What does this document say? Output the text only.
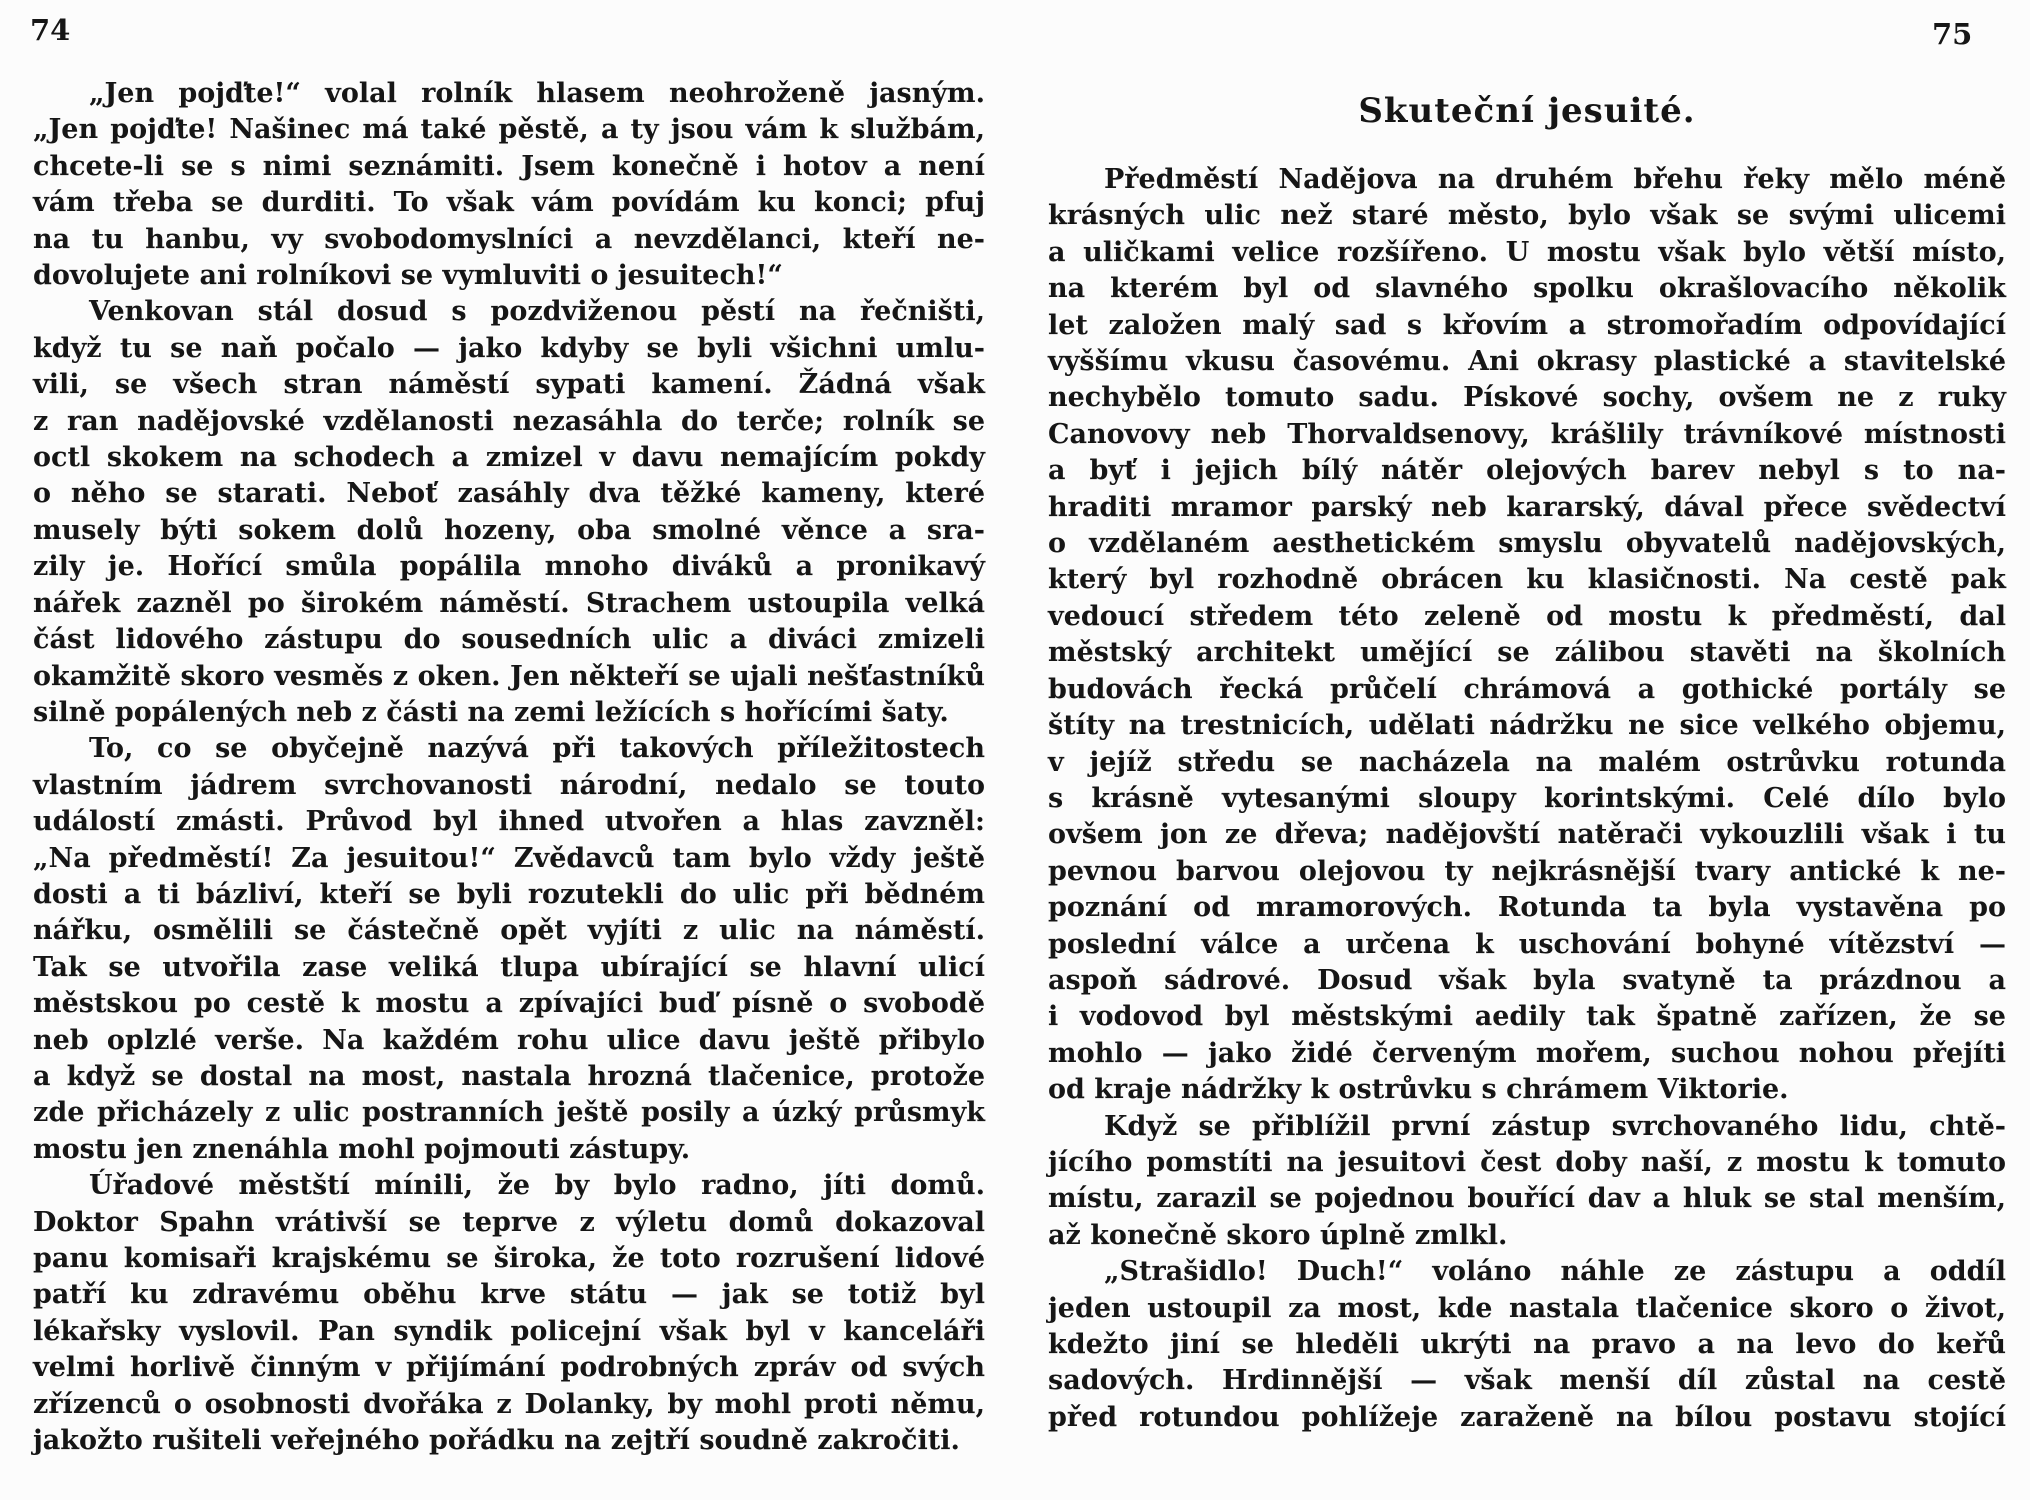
74	75
„Jen pojďte!“ volal rolník hlasem neohroženě jasným.
„Jen pojďte! Našinec má také pěstě, a ty jsou vám k službám,
chcete-li se s nimi seznámiti. Jsem konečně i hotov a není
vám třeba se durditi. To však vám povídám ku konci; pfuj
na tu hanbu, vy svobodomyslníci a nevzdělanci, kteří ne-
dovolujete ani rolníkovi se vymluviti o jesuitech!“
Venkovan stál dosud s pozdviženou pěstí na řečništi,
když tu se naň počalo — jako kdyby se byli všichni umlu-
vili, se všech stran náměstí sypati kamení. Žádná však
z ran nadějovské vzdělanosti nezasáhla do terče; rolník se
octl skokem na schodech a zmizel v davu nemajícím pokdy
o něho se starati. Neboť zasáhly dva těžké kameny, které
musely býti sokem dolů hozeny, oba smolné věnce a sra-
zily je. Hořící smůla popálila mnoho diváků a pronikavý
nářek zazněl po širokém náměstí. Strachem ustoupila velká
část lidového zástupu do sousedních ulic a diváci zmizeli
okamžitě skoro vesměs z oken. Jen někteří se ujali nešťastníků
silně popálených neb z části na zemi ležících s hořícími šaty.
To, co se obyčejně nazývá při takových příležitostech
vlastním jádrem svrchovanosti národní, nedalo se touto
událostí zmásti. Průvod byl ihned utvořen a hlas zavzněl:
„Na předměstí! Za jesuitou!“ Zvědavců tam bylo vždy ještě
dosti a ti bázliví, kteří se byli rozutekli do ulic při bědném
nářku, osmělili se částečně opět vyjíti z ulic na náměstí.
Tak se utvořila zase veliká tlupa ubírající se hlavní ulicí
městskou po cestě k mostu a zpívajíci buď písně o svobodě
neb oplzlé verše. Na každém rohu ulice davu ještě přibylo
a když se dostal na most, nastala hrozná tlačenice, protože
zde přicházely z ulic postranních ještě posily a úzký průsmyk
mostu jen znenáhla mohl pojmouti zástupy.
Úřadové městští mínili, že by bylo radno, jíti domů.
Doktor Spahn vrátivší se teprve z výletu domů dokazoval
panu komisaři krajskému se široka, že toto rozrušení lidové
patří ku zdravému oběhu krve státu — jak se totiž byl
lékařsky vyslovil. Pan syndik policejní však byl v kanceláři
velmi horlivě činným v přijímání podrobných zpráv od svých
zřízenců o osobnosti dvořáka z Dolanky, by mohl proti němu,
jakožto rušiteli veřejného pořádku na zejtří soudně zakročiti.
Skuteční jesuité.
Předměstí Nadějova na druhém břehu řeky mělo méně
krásných ulic než staré město, bylo však se svými ulicemi
a uličkami velice rozšířeno. U mostu však bylo větší místo,
na kterém byl od slavného spolku okrašlovacího několik
let založen malý sad s křovím a stromořadím odpovídající
vyššímu vkusu časovému. Ani okrasy plastické a stavitelské
nechybělo tomuto sadu. Pískové sochy, ovšem ne z ruky
Canovovy neb Thorvaldsenovy, krášlily trávníkové místnosti
a byť i jejich bílý nátěr olejových barev nebyl s to na-
hraditi mramor parský neb kararský, dával přece svědectví
o vzdělaném aesthetickém smyslu obyvatelů nadějovských,
který byl rozhodně obrácen ku klasičnosti. Na cestě pak
vedoucí středem této zeleně od mostu k předměstí, dal
městský architekt umějící se zálibou stavěti na školních
budovách řecká průčelí chrámová a gothické portály se
štíty na trestnicích, udělati nádržku ne sice velkého objemu,
v jejíž středu se nacházela na malém ostrůvku rotunda
s krásně vytesanými sloupy korintskými. Celé dílo bylo
ovšem jon ze dřeva; nadějovští natěrači vykouzlili však i tu
pevnou barvou olejovou ty nejkrásnější tvary antické k ne-
poznání od mramorových. Rotunda ta byla vystavěna po
poslední válce a určena k uschování bohyné vítězství —
aspoň sádrové. Dosud však byla svatyně ta prázdnou a
i vodovod byl městskými aedily tak špatně zařízen, že se
mohlo — jako židé červeným mořem, suchou nohou přejíti
od kraje nádržky k ostrůvku s chrámem Viktorie.
Když se přiblížil první zástup svrchovaného lidu, chtě-
jícího pomstíti na jesuitovi čest doby naší, z mostu k tomuto
místu, zarazil se pojednou bouřící dav a hluk se stal menším,
až konečně skoro úplně zmlkl.
„Strašidlo! Duch!“ voláno náhle ze zástupu a oddíl
jeden ustoupil za most, kde nastala tlačenice skoro o život,
kdežto jiní se hleděli ukrýti na pravo a na levo do keřů
sadových. Hrdinnější — však menší díl zůstal na cestě
před rotundou pohlížeje zaraženě na bílou postavu stojící
